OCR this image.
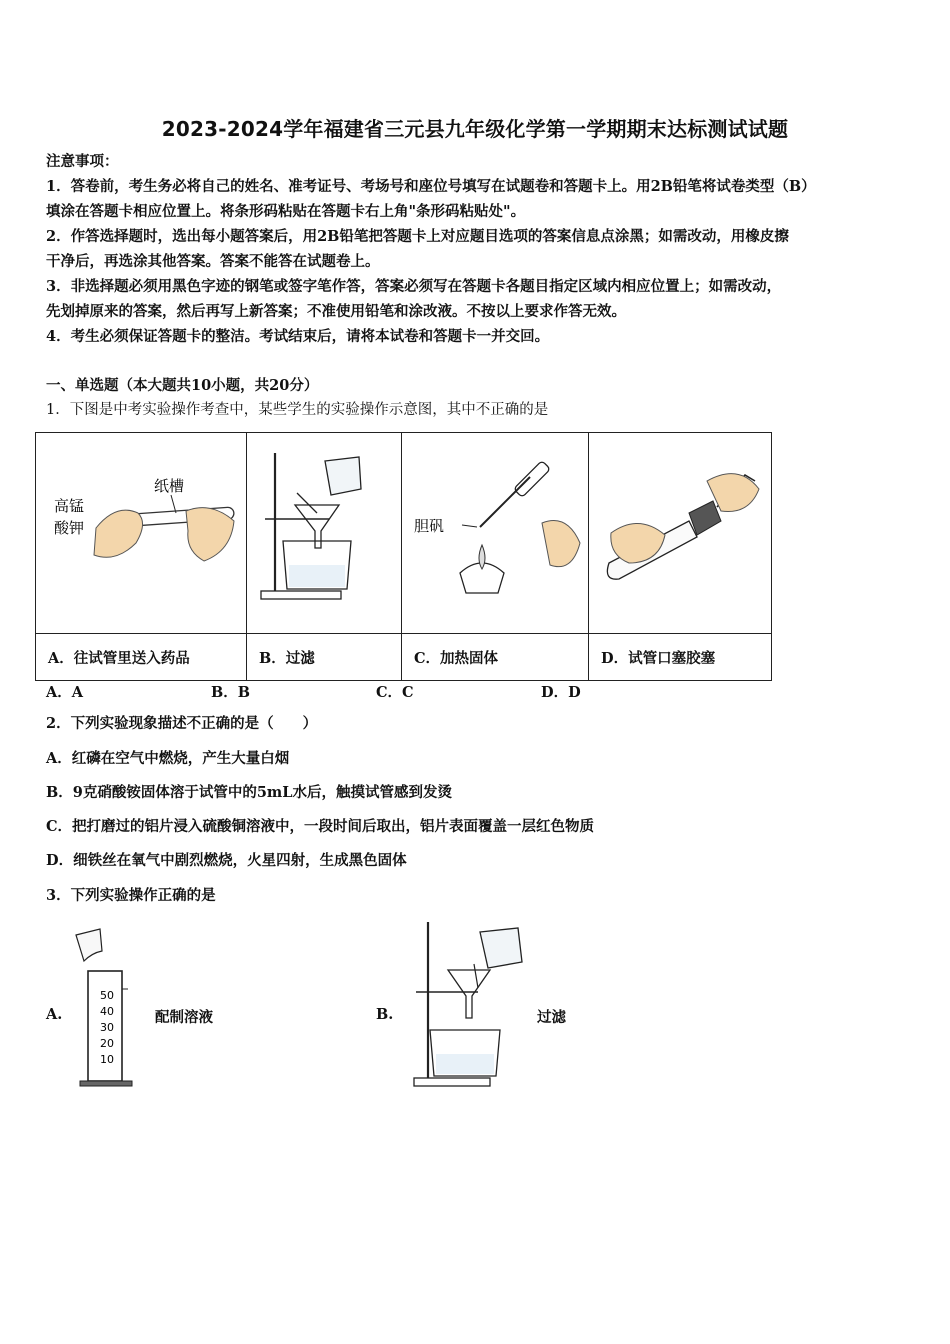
2023-2024学年福建省三元县九年级化学第一学期期末达标测试试题
注意事项：
1．答卷前，考生务必将自己的姓名、准考证号、考场号和座位号填写在试题卷和答题卡上。用2B铅笔将试卷类型（B）
填涂在答题卡相应位置上。将条形码粘贴在答题卡右上角"条形码粘贴处"。
2．作答选择题时，选出每小题答案后，用2B铅笔把答题卡上对应题目选项的答案信息点涂黑；如需改动，用橡皮擦
干净后，再选涂其他答案。答案不能答在试题卷上。
3．非选择题必须用黑色字迹的钢笔或签字笔作答，答案必须写在答题卡各题目指定区域内相应位置上；如需改动，
先划掉原来的答案，然后再写上新答案；不准使用铅笔和涂改液。不按以上要求作答无效。
4．考生必须保证答题卡的整洁。考试结束后，请将本试卷和答题卡一并交回。
一、单选题（本大题共10小题，共20分）
1．下图是中考实验操作考查中，某些学生的实验操作示意图，其中不正确的是
高锰
酸钾
纸槽		胆矾

A．往试管里送入药品	B．过滤	C．加热固体	D．试管口塞胶塞
A．A	B．B	C．C	D．D
2．下列实验现象描述不正确的是（　　）
A．红磷在空气中燃烧，产生大量白烟
B．9克硝酸铵固体溶于试管中的5mL水后，触摸试管感到发烫
C．把打磨过的铝片浸入硫酸铜溶液中，一段时间后取出，铝片表面覆盖一层红色物质
D．细铁丝在氧气中剧烈燃烧，火星四射，生成黑色固体
3．下列实验操作正确的是
A.
50
40
30
20
10
配制溶液	B.	过滤
